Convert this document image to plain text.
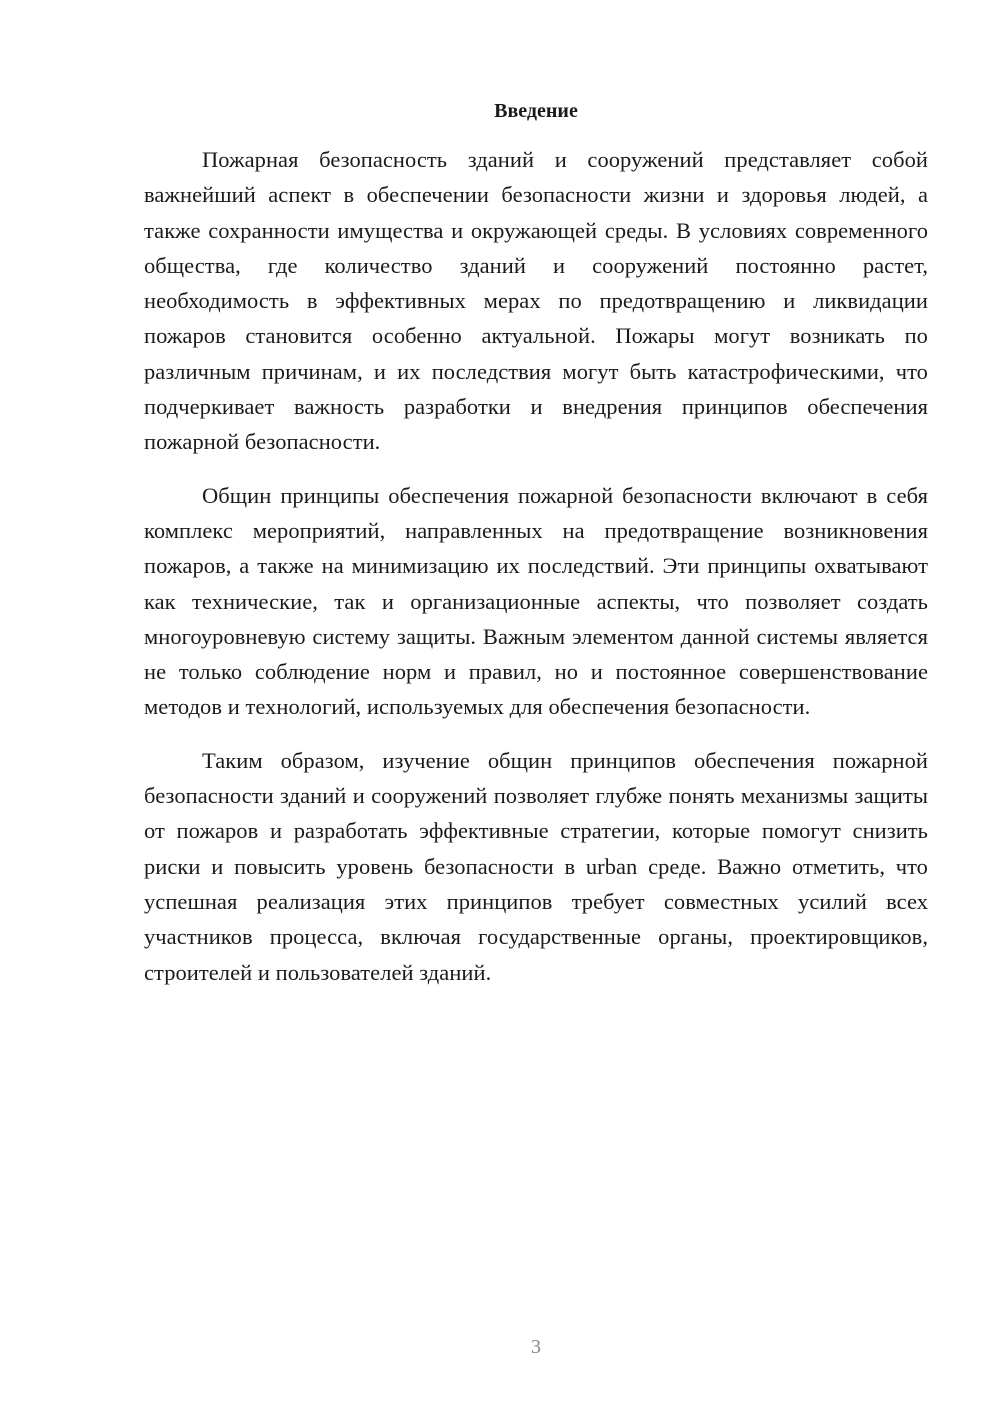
Введение

Пожарная безопасность зданий и сооружений представляет собой важнейший аспект в обеспечении безопасности жизни и здоровья людей, а также сохранности имущества и окружающей среды. В условиях современного общества, где количество зданий и сооружений постоянно растет, необходимость в эффективных мерах по предотвращению и ликвидации пожаров становится особенно актуальной. Пожары могут возникать по различным причинам, и их последствия могут быть катастрофическими, что подчеркивает важность разработки и внедрения принципов обеспечения пожарной безопасности.

Общин принципы обеспечения пожарной безопасности включают в себя комплекс мероприятий, направленных на предотвращение возникновения пожаров, а также на минимизацию их последствий. Эти принципы охватывают как технические, так и организационные аспекты, что позволяет создать многоуровневую систему защиты. Важным элементом данной системы является не только соблюдение норм и правил, но и постоянное совершенствование методов и технологий, используемых для обеспечения безопасности.

Таким образом, изучение общин принципов обеспечения пожарной безопасности зданий и сооружений позволяет глубже понять механизмы защиты от пожаров и разработать эффективные стратегии, которые помогут снизить риски и повысить уровень безопасности в urban среде. Важно отметить, что успешная реализация этих принципов требует совместных усилий всех участников процесса, включая государственные органы, проектировщиков, строителей и пользователей зданий.

3
